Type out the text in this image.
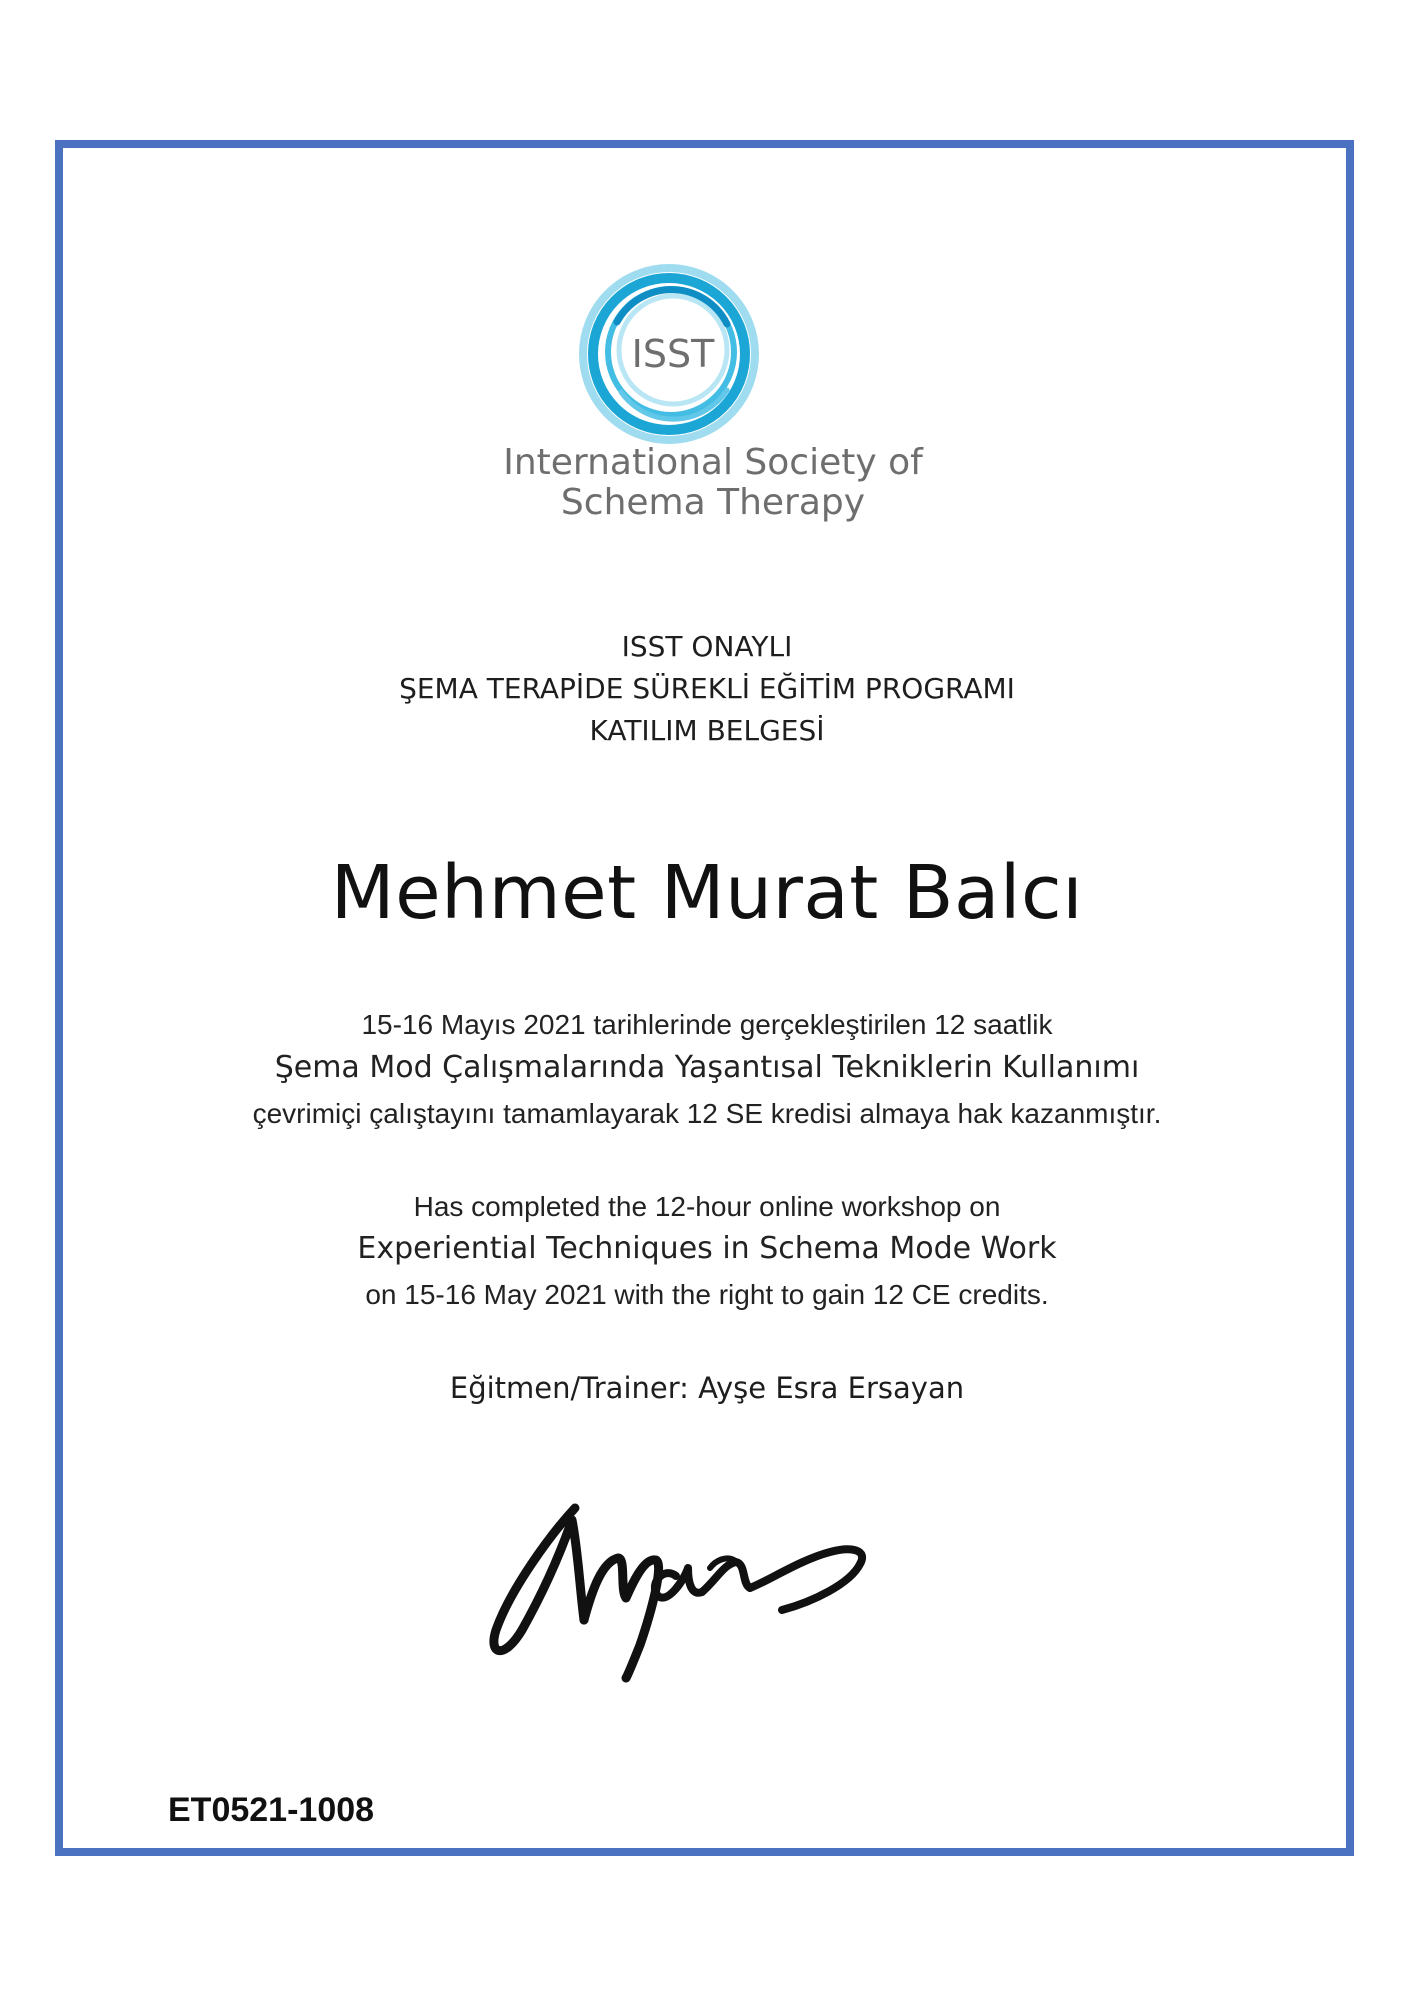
ISST
International Society of
Schema Therapy
ISST ONAYLI
ŞEMA TERAPİDE SÜREKLİ EĞİTİM PROGRAMI
KATILIM BELGESİ
Mehmet Murat Balcı
15-16 Mayıs 2021 tarihlerinde gerçekleştirilen 12 saatlik
Şema Mod Çalışmalarında Yaşantısal Tekniklerin Kullanımı
çevrimiçi çalıştayını tamamlayarak 12 SE kredisi almaya hak kazanmıştır.
Has completed the 12-hour online workshop on
Experiential Techniques in Schema Mode Work
on 15-16 May 2021 with the right to gain 12 CE credits.
Eğitmen/Trainer: Ayşe Esra Ersayan
ET0521-1008
